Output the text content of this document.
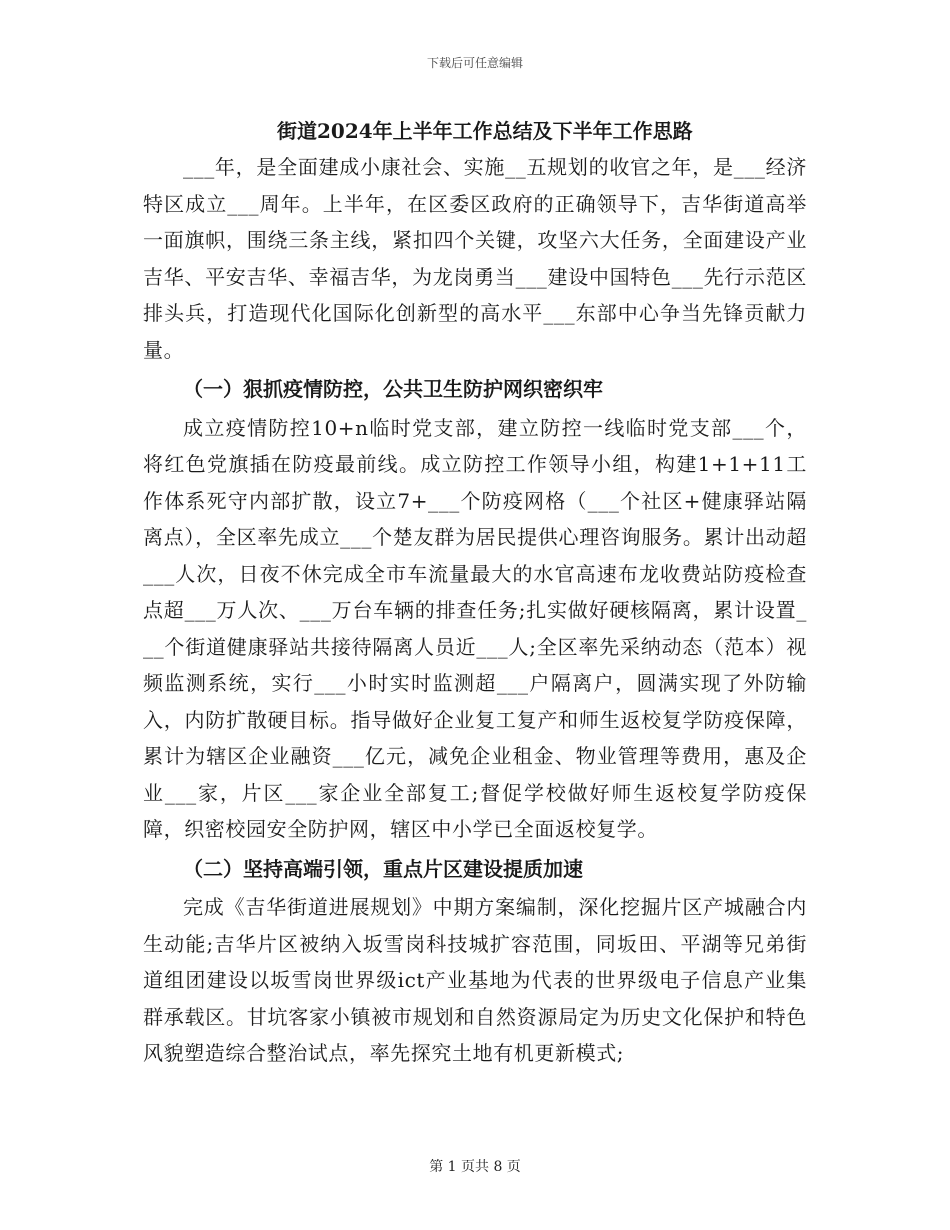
下载后可任意编辑
街道2024年上半年工作总结及下半年工作思路

___年，是全面建成小康社会、实施__五规划的收官之年，是___经济特区成立___周年。上半年，在区委区政府的正确领导下，吉华街道高举一面旗帜，围绕三条主线，紧扣四个关键，攻坚六大任务，全面建设产业吉华、平安吉华、幸福吉华，为龙岗勇当___建设中国特色___先行示范区排头兵，打造现代化国际化创新型的高水平___东部中心争当先锋贡献力量。

（一）狠抓疫情防控，公共卫生防护网织密织牢

成立疫情防控10+n临时党支部，建立防控一线临时党支部___个，将红色党旗插在防疫最前线。成立防控工作领导小组，构建1+1+11工作体系死守内部扩散，设立7+___个防疫网格（___个社区+健康驿站隔离点），全区率先成立___个楚友群为居民提供心理咨询服务。累计出动超___人次，日夜不休完成全市车流量最大的水官高速布龙收费站防疫检查点超___万人次、___万台车辆的排查任务;扎实做好硬核隔离，累计设置___个街道健康驿站共接待隔离人员近___人;全区率先采纳动态（范本）视频监测系统，实行___小时实时监测超___户隔离户，圆满实现了外防输入，内防扩散硬目标。指导做好企业复工复产和师生返校复学防疫保障，累计为辖区企业融资___亿元，减免企业租金、物业管理等费用，惠及企业___家，片区___家企业全部复工;督促学校做好师生返校复学防疫保障，织密校园安全防护网，辖区中小学已全面返校复学。

（二）坚持高端引领，重点片区建设提质加速

完成《吉华街道进展规划》中期方案编制，深化挖掘片区产城融合内生动能;吉华片区被纳入坂雪岗科技城扩容范围，同坂田、平湖等兄弟街道组团建设以坂雪岗世界级ict产业基地为代表的世界级电子信息产业集群承载区。甘坑客家小镇被市规划和自然资源局定为历史文化保护和特色风貌塑造综合整治试点，率先探究土地有机更新模式;

第 1 页共 8 页
